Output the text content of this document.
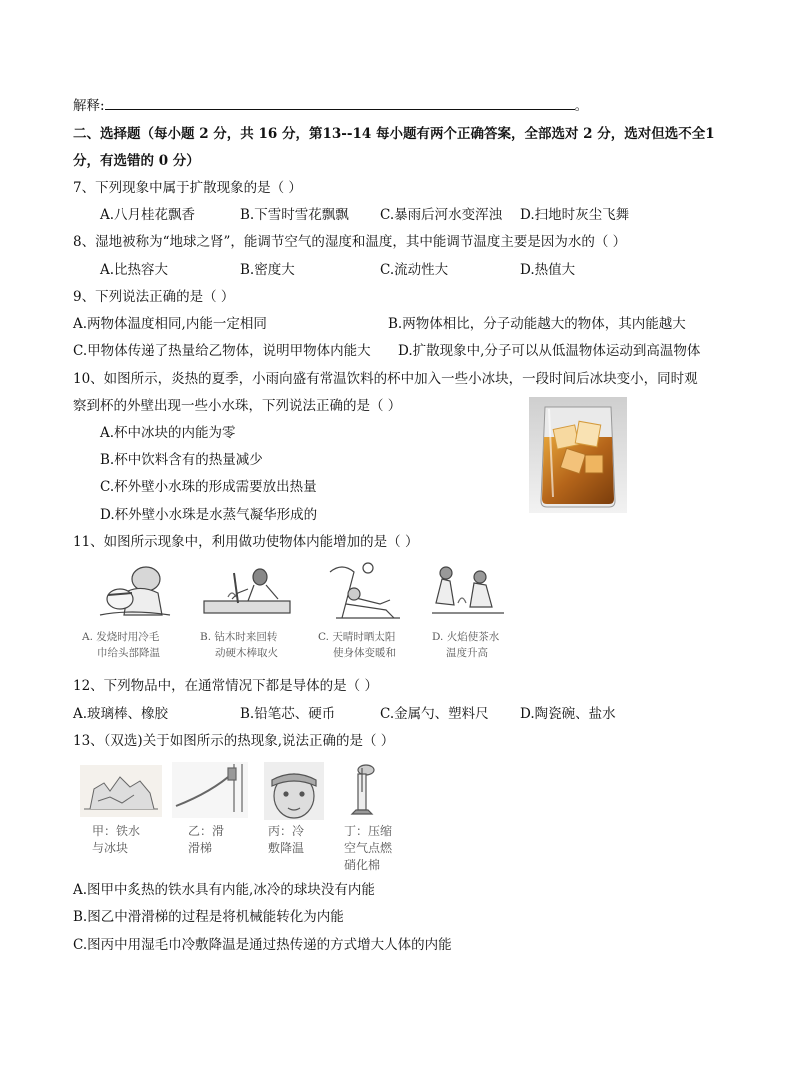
解释:	。
二、选择题（每小题 2 分，共 16 分，第13--14 每小题有两个正确答案，全部选对 2 分，选对但选不全1
分，有选错的 0 分）
7、下列现象中属于扩散现象的是（ ）
A.八月桂花飘香	B.下雪时雪花飘飘 C.暴雨后河水变浑浊 D.扫地时灰尘飞舞
8、湿地被称为“地球之肾”，能调节空气的湿度和温度，其中能调节温度主要是因为水的（ ）
A.比热容大	B.密度大	C.流动性大	D.热值大
9、下列说法正确的是（ ）
A.两物体温度相同,内能一定相同	B.两物体相比，分子动能越大的物体，其内能越大
C.甲物体传递了热量给乙物体，说明甲物体内能大 D.扩散现象中,分子可以从低温物体运动到高温物体
10、如图所示，炎热的夏季，小雨向盛有常温饮料的杯中加入一些小冰块，一段时间后冰块变小，同时观
察到杯的外壁出现一些小水珠，下列说法正确的是（ ）
A.杯中冰块的内能为零
B.杯中饮料含有的热量减少
C.杯外壁小水珠的形成需要放出热量
D.杯外壁小水珠是水蒸气凝华形成的
11、如图所示现象中，利用做功使物体内能增加的是（ ）
A. 发烧时用冷毛
巾给头部降温
B. 钻木时来回转
动硬木棒取火
C. 天晴时晒太阳
使身体变暖和
D. 火焰使茶水
温度升高
12、下列物品中，在通常情况下都是导体的是（ ）
A.玻璃棒、橡胶	B.铅笔芯、硬币	C.金属勺、塑料尺 D.陶瓷碗、盐水
13、（双选)关于如图所示的热现象,说法正确的是（ ）
甲：铁水
与冰块
乙：滑
滑梯
丙：冷
敷降温
丁：压缩
空气点燃
硝化棉
A.图甲中炙热的铁水具有内能,冰冷的球块没有内能
B.图乙中滑滑梯的过程是将机械能转化为内能
C.图丙中用湿毛巾冷敷降温是通过热传递的方式增大人体的内能
